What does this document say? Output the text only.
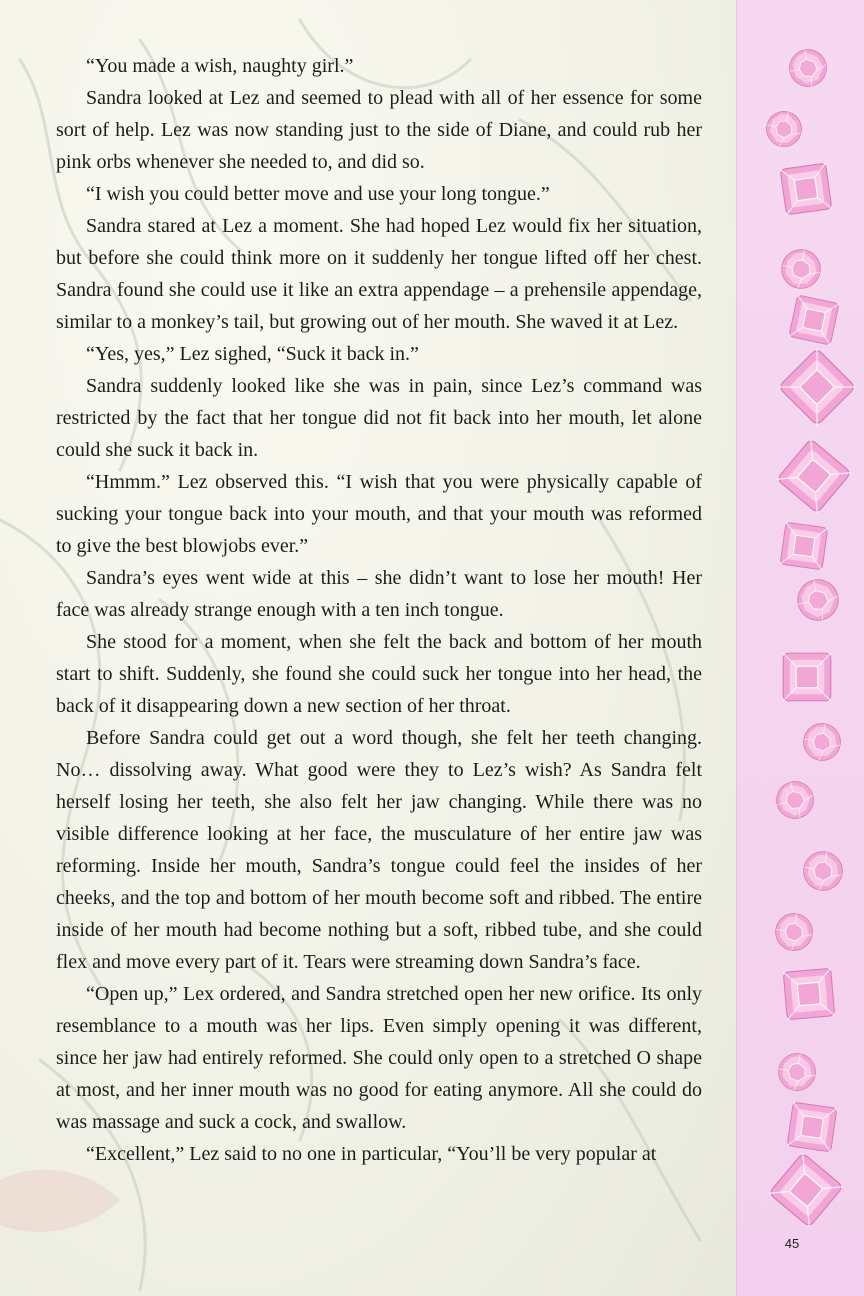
“You made a wish, naughty girl.”

Sandra looked at Lez and seemed to plead with all of her essence for some sort of help. Lez was now standing just to the side of Diane, and could rub her pink orbs whenever she needed to, and did so.

“I wish you could better move and use your long tongue.”

Sandra stared at Lez a moment. She had hoped Lez would fix her situation, but before she could think more on it suddenly her tongue lifted off her chest. Sandra found she could use it like an extra appendage – a prehensile appendage, similar to a monkey’s tail, but growing out of her mouth. She waved it at Lez.

“Yes, yes,” Lez sighed, “Suck it back in.”

Sandra suddenly looked like she was in pain, since Lez’s command was restricted by the fact that her tongue did not fit back into her mouth, let alone could she suck it back in.

“Hmmm.” Lez observed this. “I wish that you were physically capable of sucking your tongue back into your mouth, and that your mouth was reformed to give the best blowjobs ever.”

Sandra’s eyes went wide at this – she didn’t want to lose her mouth! Her face was already strange enough with a ten inch tongue.

She stood for a moment, when she felt the back and bottom of her mouth start to shift. Suddenly, she found she could suck her tongue into her head, the back of it disappearing down a new section of her throat.

Before Sandra could get out a word though, she felt her teeth changing. No… dissolving away. What good were they to Lez’s wish? As Sandra felt herself losing her teeth, she also felt her jaw changing. While there was no visible difference looking at her face, the musculature of her entire jaw was reforming. Inside her mouth, Sandra’s tongue could feel the insides of her cheeks, and the top and bottom of her mouth become soft and ribbed. The entire inside of her mouth had become nothing but a soft, ribbed tube, and she could flex and move every part of it. Tears were streaming down Sandra’s face.

“Open up,” Lex ordered, and Sandra stretched open her new orifice. Its only resemblance to a mouth was her lips. Even simply opening it was different, since her jaw had entirely reformed. She could only open to a stretched O shape at most, and her inner mouth was no good for eating anymore. All she could do was massage and suck a cock, and swallow.

“Excellent,” Lez said to no one in particular, “You’ll be very popular at

45
